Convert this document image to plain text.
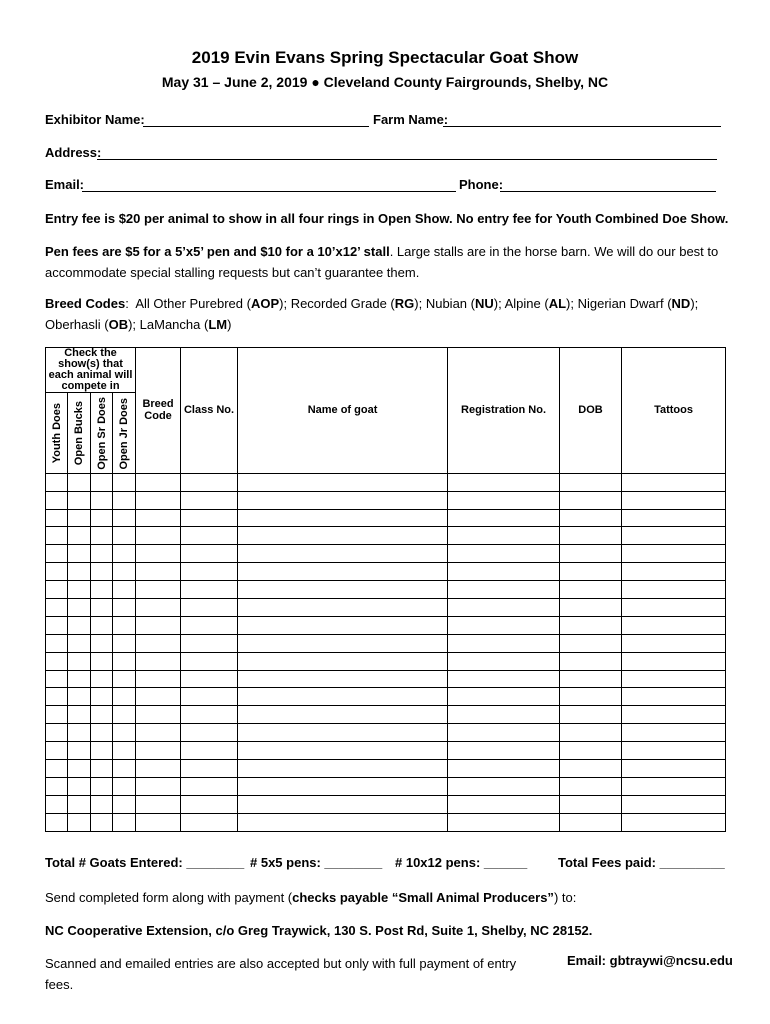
2019 Evin Evans Spring Spectacular Goat Show
May 31 – June 2, 2019 ● Cleveland County Fairgrounds, Shelby, NC
Exhibitor Name:	Farm Name:
Address:
Email:	Phone:
Entry fee is $20 per animal to show in all four rings in Open Show. No entry fee for Youth Combined Doe Show.
Pen fees are $5 for a 5’x5’ pen and $10 for a 10’x12’ stall. Large stalls are in the horse barn. We will do our best to accommodate special stalling requests but can’t guarantee them.
Breed Codes:  All Other Purebred (AOP); Recorded Grade (RG); Nubian (NU); Alpine (AL); Nigerian Dwarf (ND); Oberhasli (OB); LaMancha (LM)
Check the show(s) that each animal will compete in				Breed Code	Class No.	Name of goat	Registration No.	DOB	Tattoos
Youth Does	Open Bucks	Open Sr Does	Open Jr Does						

Total # Goats Entered: ________ # 5x5 pens: ________ # 10x12 pens: ______ Total Fees paid: _________
Send completed form along with payment (checks payable “Small Animal Producers”) to:
NC Cooperative Extension, c/o Greg Traywick, 130 S. Post Rd, Suite 1, Shelby, NC 28152.
Scanned and emailed entries are also accepted but only with full payment of entry fees.
Email: gbtraywi@ncsu.edu
